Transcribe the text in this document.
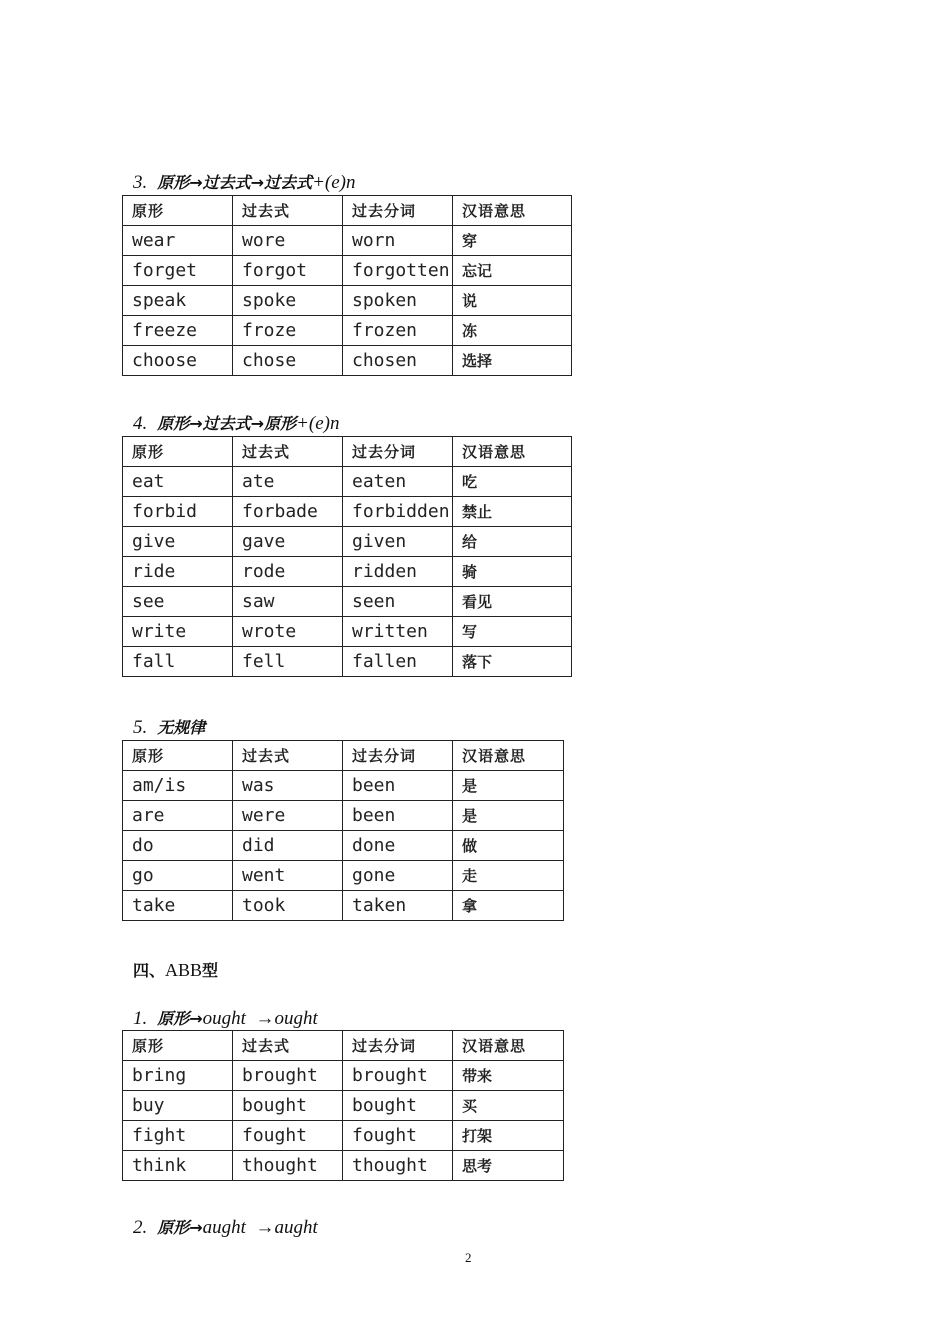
3. 原形→过去式→过去式+(e)n
原形	过去式	过去分词	汉语意思
wear	wore	worn	穿
forget	forgot	forgotten	忘记
speak	spoke	spoken	说
freeze	froze	frozen	冻
choose	chose	chosen	选择
4. 原形→过去式→原形+(e)n
原形	过去式	过去分词	汉语意思
eat	ate	eaten	吃
forbid	forbade	forbidden	禁止
give	gave	given	给
ride	rode	ridden	骑
see	saw	seen	看见
write	wrote	written	写
fall	fell	fallen	落下
5. 无规律
原形	过去式	过去分词	汉语意思
am/is	was	been	是
are	were	been	是
do	did	done	做
go	went	gone	走
take	took	taken	拿
四、ABB型
1. 原形→ought  →ought
原形	过去式	过去分词	汉语意思
bring	brought	brought	带来
buy	bought	bought	买
fight	fought	fought	打架
think	thought	thought	思考
2. 原形→aught  →aught
2
